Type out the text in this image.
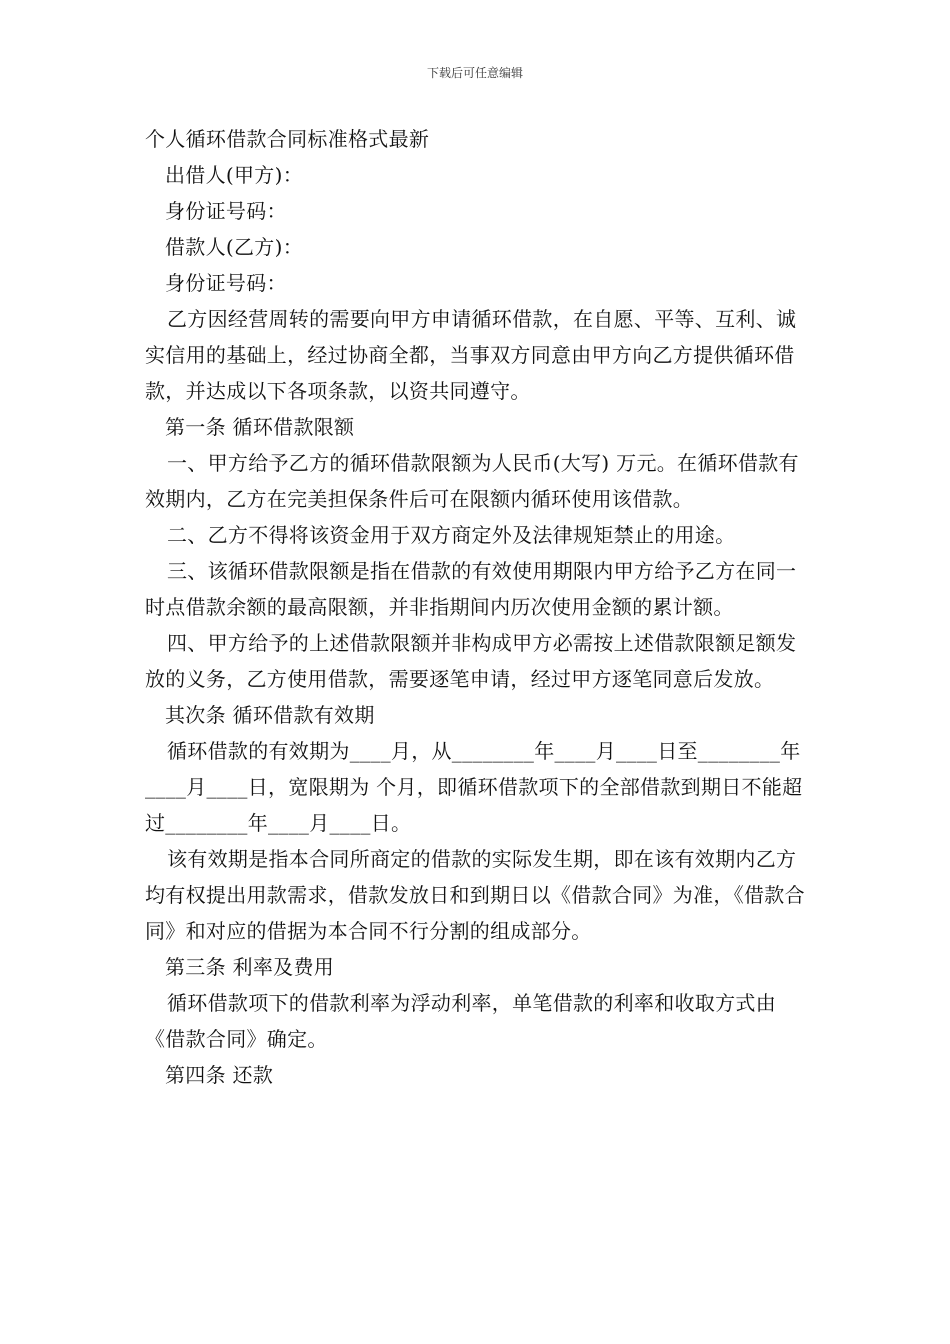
下载后可任意编辑

个人循环借款合同标准格式最新

出借人(甲方)：

身份证号码：

借款人(乙方)：

身份证号码：

乙方因经营周转的需要向甲方申请循环借款，在自愿、平等、互利、诚实信用的基础上，经过协商全都，当事双方同意由甲方向乙方提供循环借款，并达成以下各项条款，以资共同遵守。

第一条 循环借款限额

一、甲方给予乙方的循环借款限额为人民币(大写) 万元。在循环借款有效期内，乙方在完美担保条件后可在限额内循环使用该借款。

二、乙方不得将该资金用于双方商定外及法律规矩禁止的用途。

三、该循环借款限额是指在借款的有效使用期限内甲方给予乙方在同一时点借款余额的最高限额，并非指期间内历次使用金额的累计额。

四、甲方给予的上述借款限额并非构成甲方必需按上述借款限额足额发放的义务，乙方使用借款，需要逐笔申请，经过甲方逐笔同意后发放。

其次条 循环借款有效期

循环借款的有效期为____月，从________年____月____日至________年____月____日，宽限期为 个月，即循环借款项下的全部借款到期日不能超过________年____月____日。

该有效期是指本合同所商定的借款的实际发生期，即在该有效期内乙方均有权提出用款需求，借款发放日和到期日以《借款合同》为准，《借款合同》和对应的借据为本合同不行分割的组成部分。

第三条 利率及费用

循环借款项下的借款利率为浮动利率，单笔借款的利率和收取方式由《借款合同》确定。

第四条 还款
